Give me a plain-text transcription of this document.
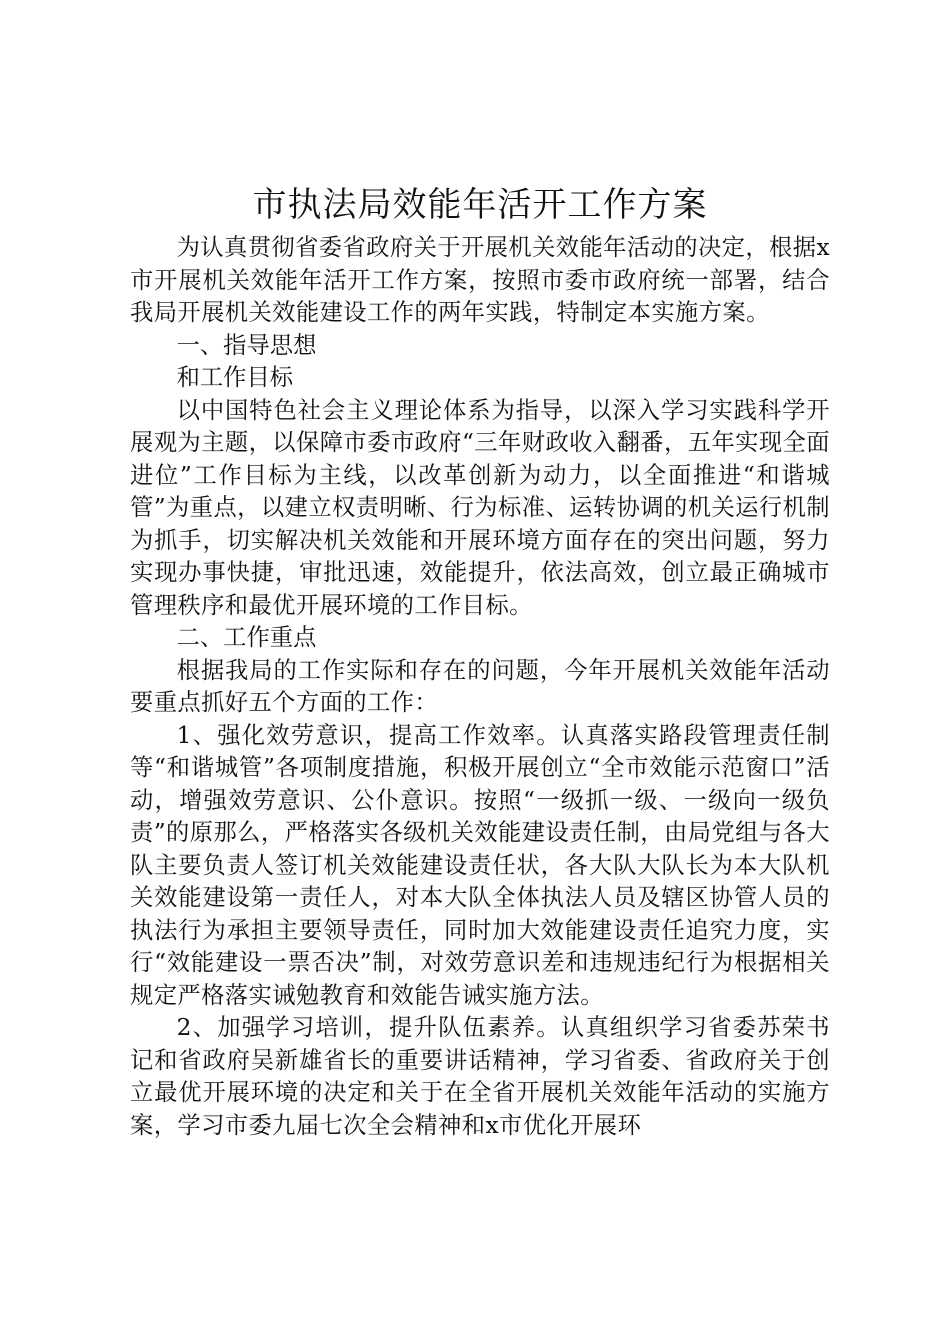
市执法局效能年活开工作方案

为认真贯彻省委省政府关于开展机关效能年活动的决定，根据x市开展机关效能年活开工作方案，按照市委市政府统一部署，结合我局开展机关效能建设工作的两年实践，特制定本实施方案。

一、指导思想

和工作目标

以中国特色社会主义理论体系为指导，以深入学习实践科学开展观为主题，以保障市委市政府“三年财政收入翻番，五年实现全面进位”工作目标为主线，以改革创新为动力，以全面推进“和谐城管”为重点，以建立权责明晰、行为标准、运转协调的机关运行机制为抓手，切实解决机关效能和开展环境方面存在的突出问题，努力实现办事快捷，审批迅速，效能提升，依法高效，创立最正确城市管理秩序和最优开展环境的工作目标。

二、工作重点

根据我局的工作实际和存在的问题，今年开展机关效能年活动要重点抓好五个方面的工作：

1、强化效劳意识，提高工作效率。认真落实路段管理责任制等“和谐城管”各项制度措施，积极开展创立“全市效能示范窗口”活动，增强效劳意识、公仆意识。按照“一级抓一级、一级向一级负责”的原那么，严格落实各级机关效能建设责任制，由局党组与各大队主要负责人签订机关效能建设责任状，各大队大队长为本大队机关效能建设第一责任人，对本大队全体执法人员及辖区协管人员的执法行为承担主要领导责任，同时加大效能建设责任追究力度，实行“效能建设一票否决”制，对效劳意识差和违规违纪行为根据相关规定严格落实诫勉教育和效能告诫实施方法。

2、加强学习培训，提升队伍素养。认真组织学习省委苏荣书记和省政府吴新雄省长的重要讲话精神，学习省委、省政府关于创立最优开展环境的决定和关于在全省开展机关效能年活动的实施方案，学习市委九届七次全会精神和x市优化开展环
